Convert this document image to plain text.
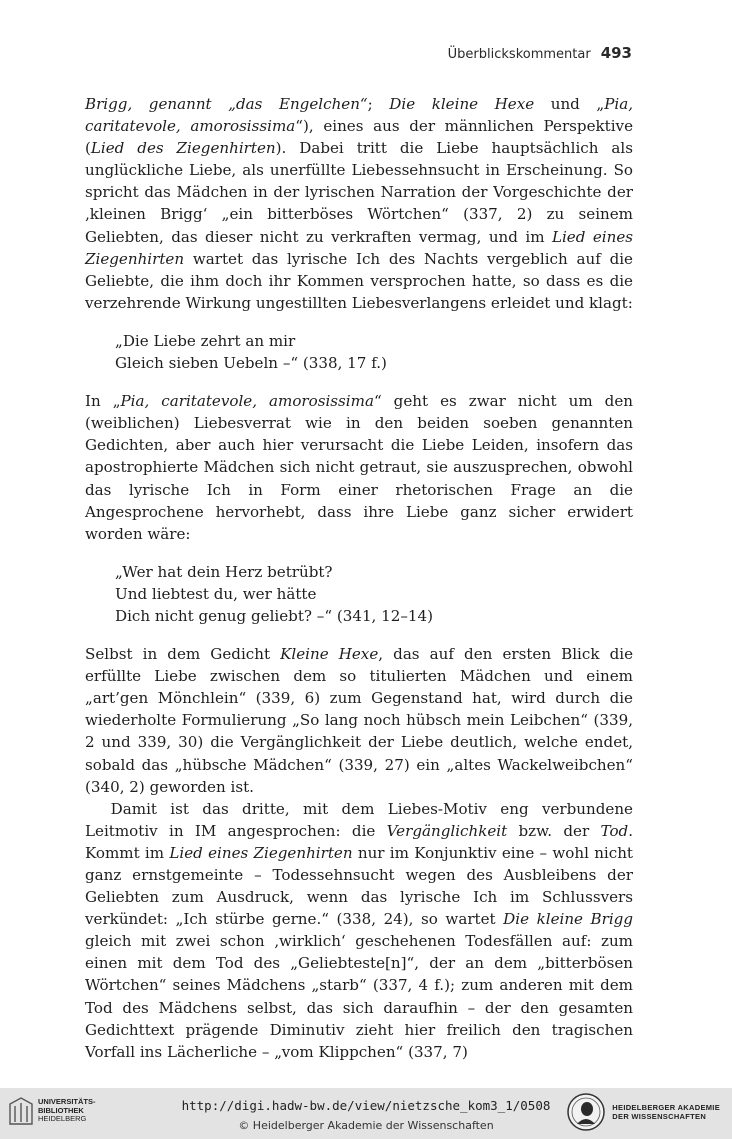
Überblickskommentar 493

Brigg, genannt „das Engelchen“; Die kleine Hexe und „Pia, caritatevole, amorosissima“), eines aus der männlichen Perspektive (Lied des Ziegenhirten). Dabei tritt die Liebe hauptsächlich als unglückliche Liebe, als unerfüllte Liebessehnsucht in Erscheinung. So spricht das Mädchen in der lyrischen Narration der Vorgeschichte der ‚kleinen Brigg‘ „ein bitterböses Wörtchen“ (337, 2) zu seinem Geliebten, das dieser nicht zu verkraften vermag, und im Lied eines Ziegenhirten wartet das lyrische Ich des Nachts vergeblich auf die Geliebte, die ihm doch ihr Kommen versprochen hatte, so dass es die verzehrende Wirkung ungestillten Liebesverlangens erleidet und klagt:

„Die Liebe zehrt an mir
Gleich sieben Uebeln –“ (338, 17 f.)

In „Pia, caritatevole, amorosissima“ geht es zwar nicht um den (weiblichen) Liebesverrat wie in den beiden soeben genannten Gedichten, aber auch hier verursacht die Liebe Leiden, insofern das apostrophierte Mädchen sich nicht getraut, sie auszusprechen, obwohl das lyrische Ich in Form einer rhetorischen Frage an die Angesprochene hervorhebt, dass ihre Liebe ganz sicher erwidert worden wäre:

„Wer hat dein Herz betrübt?
Und liebtest du, wer hätte
Dich nicht genug geliebt? –“ (341, 12–14)

Selbst in dem Gedicht Kleine Hexe, das auf den ersten Blick die erfüllte Liebe zwischen dem so titulierten Mädchen und einem „art’gen Mönchlein“ (339, 6) zum Gegenstand hat, wird durch die wiederholte Formulierung „So lang noch hübsch mein Leibchen“ (339, 2 und 339, 30) die Vergänglichkeit der Liebe deutlich, welche endet, sobald das „hübsche Mädchen“ (339, 27) ein „altes Wackelweibchen“ (340, 2) geworden ist.

Damit ist das dritte, mit dem Liebes-Motiv eng verbundene Leitmotiv in IM angesprochen: die Vergänglichkeit bzw. der Tod. Kommt im Lied eines Ziegenhirten nur im Konjunktiv eine – wohl nicht ganz ernstgemeinte – Todessehnsucht wegen des Ausbleibens der Geliebten zum Ausdruck, wenn das lyrische Ich im Schlussvers verkündet: „Ich stürbe gerne.“ (338, 24), so wartet Die kleine Brigg gleich mit zwei schon ‚wirklich‘ geschehenen Todesfällen auf: zum einen mit dem Tod des „Geliebteste[n]“, der an dem „bitterbösen Wörtchen“ seines Mädchens „starb“ (337, 4 f.); zum anderen mit dem Tod des Mädchens selbst, das sich daraufhin – der den gesamten Gedichttext prägende Diminutiv zieht hier freilich den tragischen Vorfall ins Lächerliche – „vom Klippchen“ (337, 7)

UNIVERSITÄTS-
BIBLIOTHEK
HEIDELBERG
http://digi.hadw-bw.de/view/nietzsche_kom3_1/0508
© Heidelberger Akademie der Wissenschaften
HEIDELBERGER AKADEMIE
DER WISSENSCHAFTEN
